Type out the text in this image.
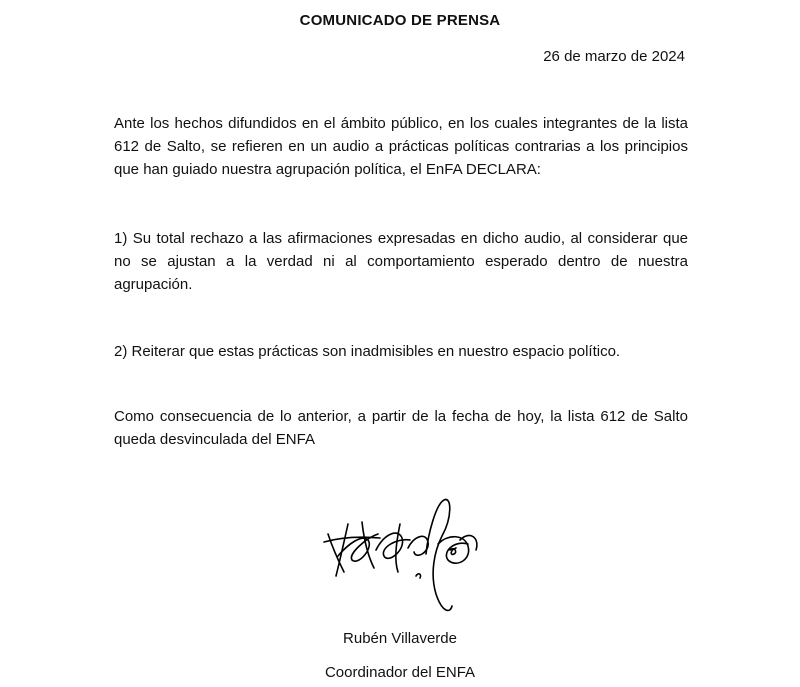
COMUNICADO DE PRENSA
26 de marzo de 2024
Ante los hechos difundidos en el ámbito público, en los cuales integrantes de la lista 612 de Salto, se refieren en un audio a prácticas políticas contrarias a los principios que han guiado nuestra agrupación política, el EnFA DECLARA:
1) Su total rechazo a las afirmaciones expresadas en dicho audio, al considerar que no se ajustan a la verdad ni al comportamiento esperado dentro de nuestra agrupación.
2) Reiterar que estas prácticas son inadmisibles en nuestro espacio político.
Como consecuencia de lo anterior, a partir de la fecha de hoy, la lista 612 de Salto queda desvinculada del ENFA
Rubén Villaverde
Coordinador del ENFA
